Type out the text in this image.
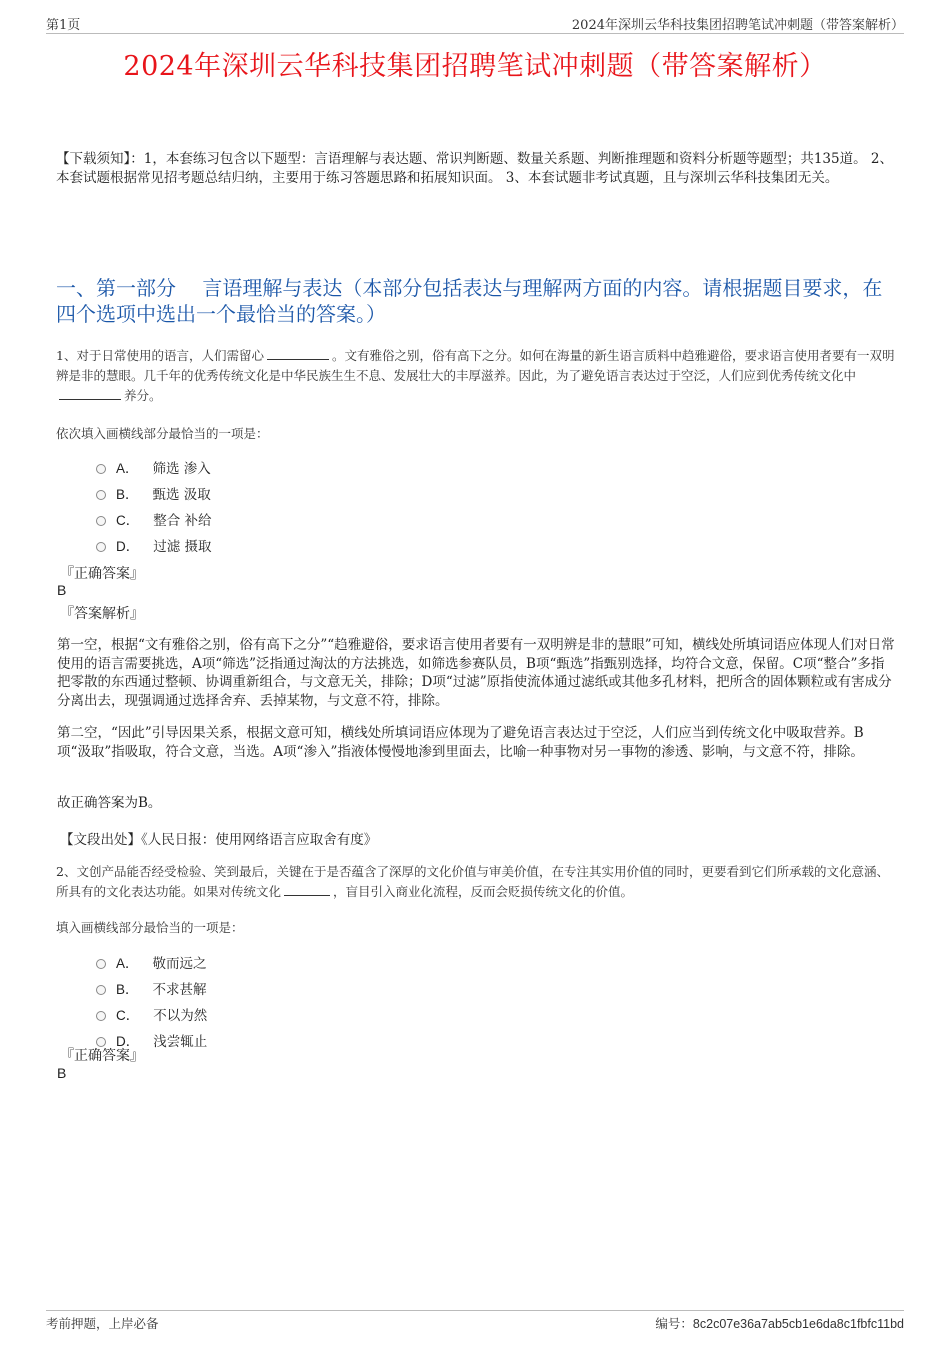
第1页	2024年深圳云华科技集团招聘笔试冲刺题（带答案解析）
2024年深圳云华科技集团招聘笔试冲刺题（带答案解析）
【下载须知】：1，本套练习包含以下题型：言语理解与表达题、常识判断题、数量关系题、判断推理题和资料分析题等题型；共135道。 2、本套试题根据常见招考题总结归纳，主要用于练习答题思路和拓展知识面。 3、本套试题非考试真题，且与深圳云华科技集团无关。
一、第一部分　 言语理解与表达（本部分包括表达与理解两方面的内容。请根据题目要求，在四个选项中选出一个最恰当的答案。）
1、对于日常使用的语言，人们需留心	。文有雅俗之别，俗有高下之分。如何在海量的新生语言质料中趋雅避俗，要求语言使用者要有一双明辨是非的慧眼。几千年的优秀传统文化是中华民族生生不息、发展壮大的丰厚滋养。因此，为了避免语言表达过于空泛，人们应到优秀传统文化中养分。
依次填入画横线部分最恰当的一项是：
A． 筛选 渗入
B． 甄选 汲取
C． 整合 补给
D． 过滤 摄取
『正确答案』
B
『答案解析』
第一空，根据“文有雅俗之别，俗有高下之分”“趋雅避俗，要求语言使用者要有一双明辨是非的慧眼”可知，横线处所填词语应体现人们对日常使用的语言需要挑选，A项“筛选”泛指通过淘汰的方法挑选，如筛选参赛队员，B项“甄选”指甄别选择，均符合文意，保留。C项“整合”多指把零散的东西通过整顿、协调重新组合，与文意无关，排除；D项“过滤”原指使流体通过滤纸或其他多孔材料，把所含的固体颗粒或有害成分分离出去，现强调通过选择舍弃、丢掉某物，与文意不符，排除。
第二空，“因此”引导因果关系，根据文意可知，横线处所填词语应体现为了避免语言表达过于空泛，人们应当到传统文化中吸取营养。B项“汲取”指吸取，符合文意，当选。A项“渗入”指液体慢慢地渗到里面去，比喻一种事物对另一事物的渗透、影响，与文意不符，排除。
故正确答案为B。
【文段出处】《人民日报：使用网络语言应取舍有度》
2、文创产品能否经受检验、笑到最后，关键在于是否蕴含了深厚的文化价值与审美价值，在专注其实用价值的同时，更要看到它们所承载的文化意涵、所具有的文化表达功能。如果对传统文化	，盲目引入商业化流程，反而会贬损传统文化的价值。
填入画横线部分最恰当的一项是：
A． 敬而远之
B． 不求甚解
C． 不以为然
D． 浅尝辄止
『正确答案』
B
考前押题，上岸必备	编号：8c2c07e36a7ab5cb1e6da8c1fbfc11bd
